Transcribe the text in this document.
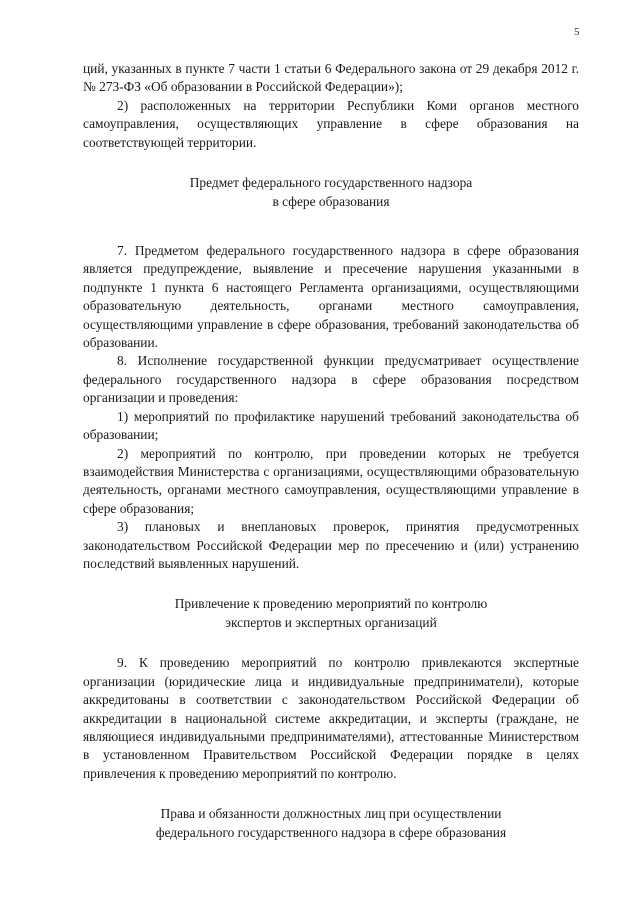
5

ций, указанных в пункте 7 части 1 статьи 6 Федерального закона от 29 декабря 2012 г. № 273-ФЗ «Об образовании в Российской Федерации»);

2) расположенных на территории Республики Коми органов местного самоуправления, осуществляющих управление в сфере образования на соответствующей территории.

Предмет федерального государственного надзора
в сфере образования

7. Предметом федерального государственного надзора в сфере образования является предупреждение, выявление и пресечение нарушения указанными в подпункте 1 пункта 6 настоящего Регламента организациями, осуществляющими образовательную деятельность, органами местного самоуправления, осуществляющими управление в сфере образования, требований законодательства об образовании.

8. Исполнение государственной функции предусматривает осуществление федерального государственного надзора в сфере образования посредством организации и проведения:

1) мероприятий по профилактике нарушений требований законодательства об образовании;

2) мероприятий по контролю, при проведении которых не требуется взаимодействия Министерства с организациями, осуществляющими образовательную деятельность, органами местного самоуправления, осуществляющими управление в сфере образования;

3) плановых и внеплановых проверок, принятия предусмотренных законодательством Российской Федерации мер по пресечению и (или) устранению последствий выявленных нарушений.

Привлечение к проведению мероприятий по контролю
экспертов и экспертных организаций

9. К проведению мероприятий по контролю привлекаются экспертные организации (юридические лица и индивидуальные предприниматели), которые аккредитованы в соответствии с законодательством Российской Федерации об аккредитации в национальной системе аккредитации, и эксперты (граждане, не являющиеся индивидуальными предпринимателями), аттестованные Министерством в установленном Правительством Российской Федерации порядке в целях привлечения к проведению мероприятий по контролю.

Права и обязанности должностных лиц при осуществлении
федерального государственного надзора в сфере образования
